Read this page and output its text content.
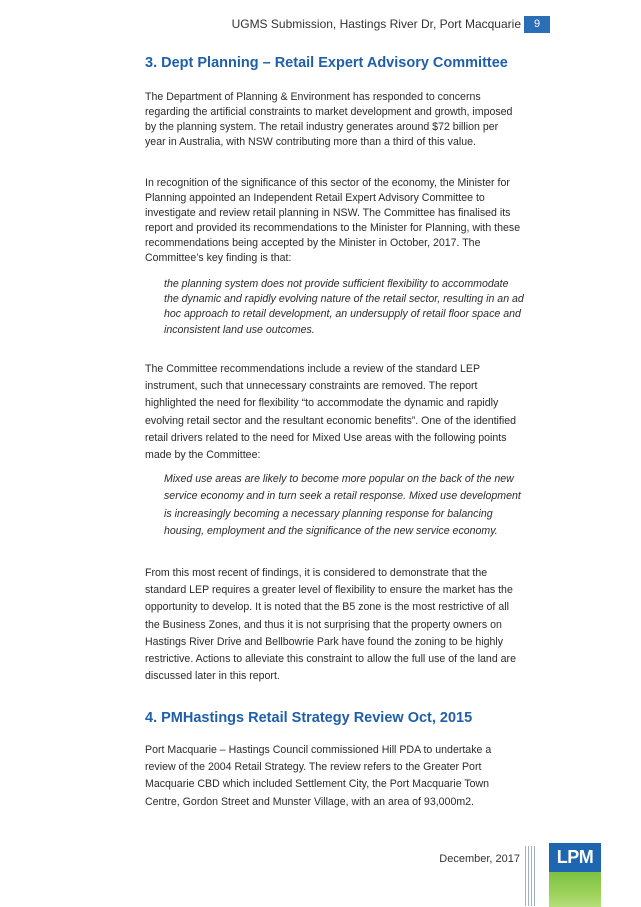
UGMS Submission, Hastings River Dr, Port Macquarie	9
3. Dept Planning – Retail Expert Advisory Committee

The Department of Planning & Environment has responded to concerns regarding the artificial constraints to market development and growth, imposed by the planning system. The retail industry generates around $72 billion per year in Australia, with NSW contributing more than a third of this value.

In recognition of the significance of this sector of the economy, the Minister for Planning appointed an Independent Retail Expert Advisory Committee to investigate and review retail planning in NSW. The Committee has finalised its report and provided its recommendations to the Minister for Planning, with these recommendations being accepted by the Minister in October, 2017. The Committee’s key finding is that:

the planning system does not provide sufficient flexibility to accommodate the dynamic and rapidly evolving nature of the retail sector, resulting in an ad hoc approach to retail development, an undersupply of retail floor space and inconsistent land use outcomes.

The Committee recommendations include a review of the standard LEP instrument, such that unnecessary constraints are removed. The report highlighted the need for flexibility “to accommodate the dynamic and rapidly evolving retail sector and the resultant economic benefits”. One of the identified retail drivers related to the need for Mixed Use areas with the following points made by the Committee:

Mixed use areas are likely to become more popular on the back of the new service economy and in turn seek a retail response. Mixed use development is increasingly becoming a necessary planning response for balancing housing, employment and the significance of the new service economy.

From this most recent of findings, it is considered to demonstrate that the standard LEP requires a greater level of flexibility to ensure the market has the opportunity to develop. It is noted that the B5 zone is the most restrictive of all the Business Zones, and thus it is not surprising that the property owners on Hastings River Drive and Bellbowrie Park have found the zoning to be highly restrictive. Actions to alleviate this constraint to allow the full use of the land are discussed later in this report.

4. PMHastings Retail Strategy Review Oct, 2015

Port Macquarie – Hastings Council commissioned Hill PDA to undertake a review of the 2004 Retail Strategy. The review refers to the Greater Port Macquarie CBD which included Settlement City, the Port Macquarie Town Centre, Gordon Street and Munster Village, with an area of 93,000m2.

December, 2017	LPM
